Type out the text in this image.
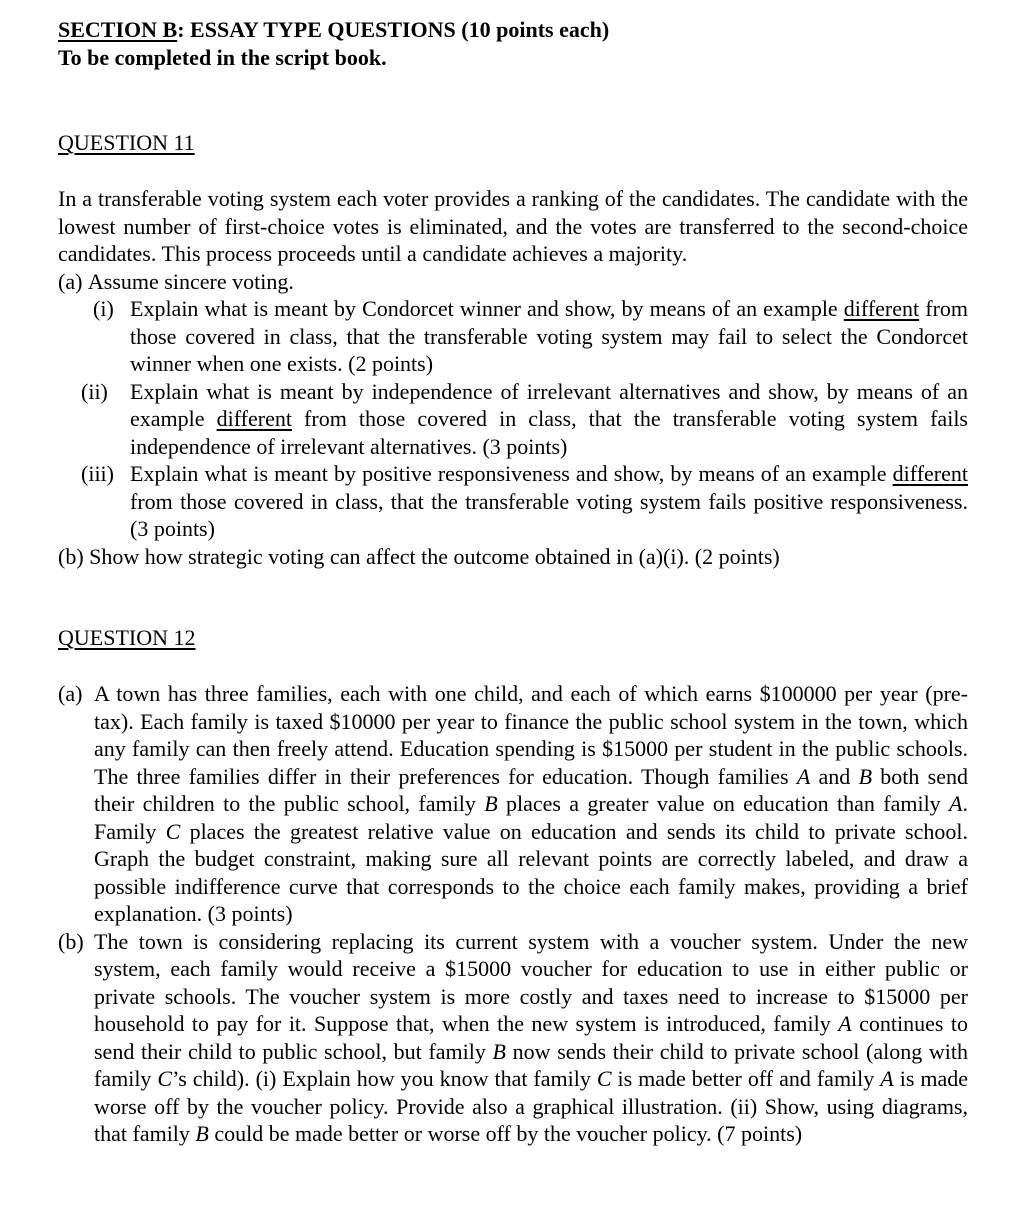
SECTION B: ESSAY TYPE QUESTIONS (10 points each)
To be completed in the script book.
QUESTION 11

In a transferable voting system each voter provides a ranking of the candidates. The candidate with the lowest number of first-choice votes is eliminated, and the votes are transferred to the second-choice candidates. This process proceeds until a candidate achieves a majority.

(a) Assume sincere voting.
(i) Explain what is meant by Condorcet winner and show, by means of an example different from those covered in class, that the transferable voting system may fail to select the Condorcet winner when one exists. (2 points)
(ii) Explain what is meant by independence of irrelevant alternatives and show, by means of an example different from those covered in class, that the transferable voting system fails independence of irrelevant alternatives. (3 points)
(iii) Explain what is meant by positive responsiveness and show, by means of an example different from those covered in class, that the transferable voting system fails positive responsiveness. (3 points)
(b) Show how strategic voting can affect the outcome obtained in (a)(i). (2 points)
QUESTION 12
(a) A town has three families, each with one child, and each of which earns $100000 per year (pre-tax). Each family is taxed $10000 per year to finance the public school system in the town, which any family can then freely attend. Education spending is $15000 per student in the public schools. The three families differ in their preferences for education. Though families A and B both send their children to the public school, family B places a greater value on education than family A. Family C places the greatest relative value on education and sends its child to private school. Graph the budget constraint, making sure all relevant points are correctly labeled, and draw a possible indifference curve that corresponds to the choice each family makes, providing a brief explanation. (3 points)
(b) The town is considering replacing its current system with a voucher system. Under the new system, each family would receive a $15000 voucher for education to use in either public or private schools. The voucher system is more costly and taxes need to increase to $15000 per household to pay for it. Suppose that, when the new system is introduced, family A continues to send their child to public school, but family B now sends their child to private school (along with family C’s child). (i) Explain how you know that family C is made better off and family A is made worse off by the voucher policy. Provide also a graphical illustration. (ii) Show, using diagrams, that family B could be made better or worse off by the voucher policy. (7 points)
